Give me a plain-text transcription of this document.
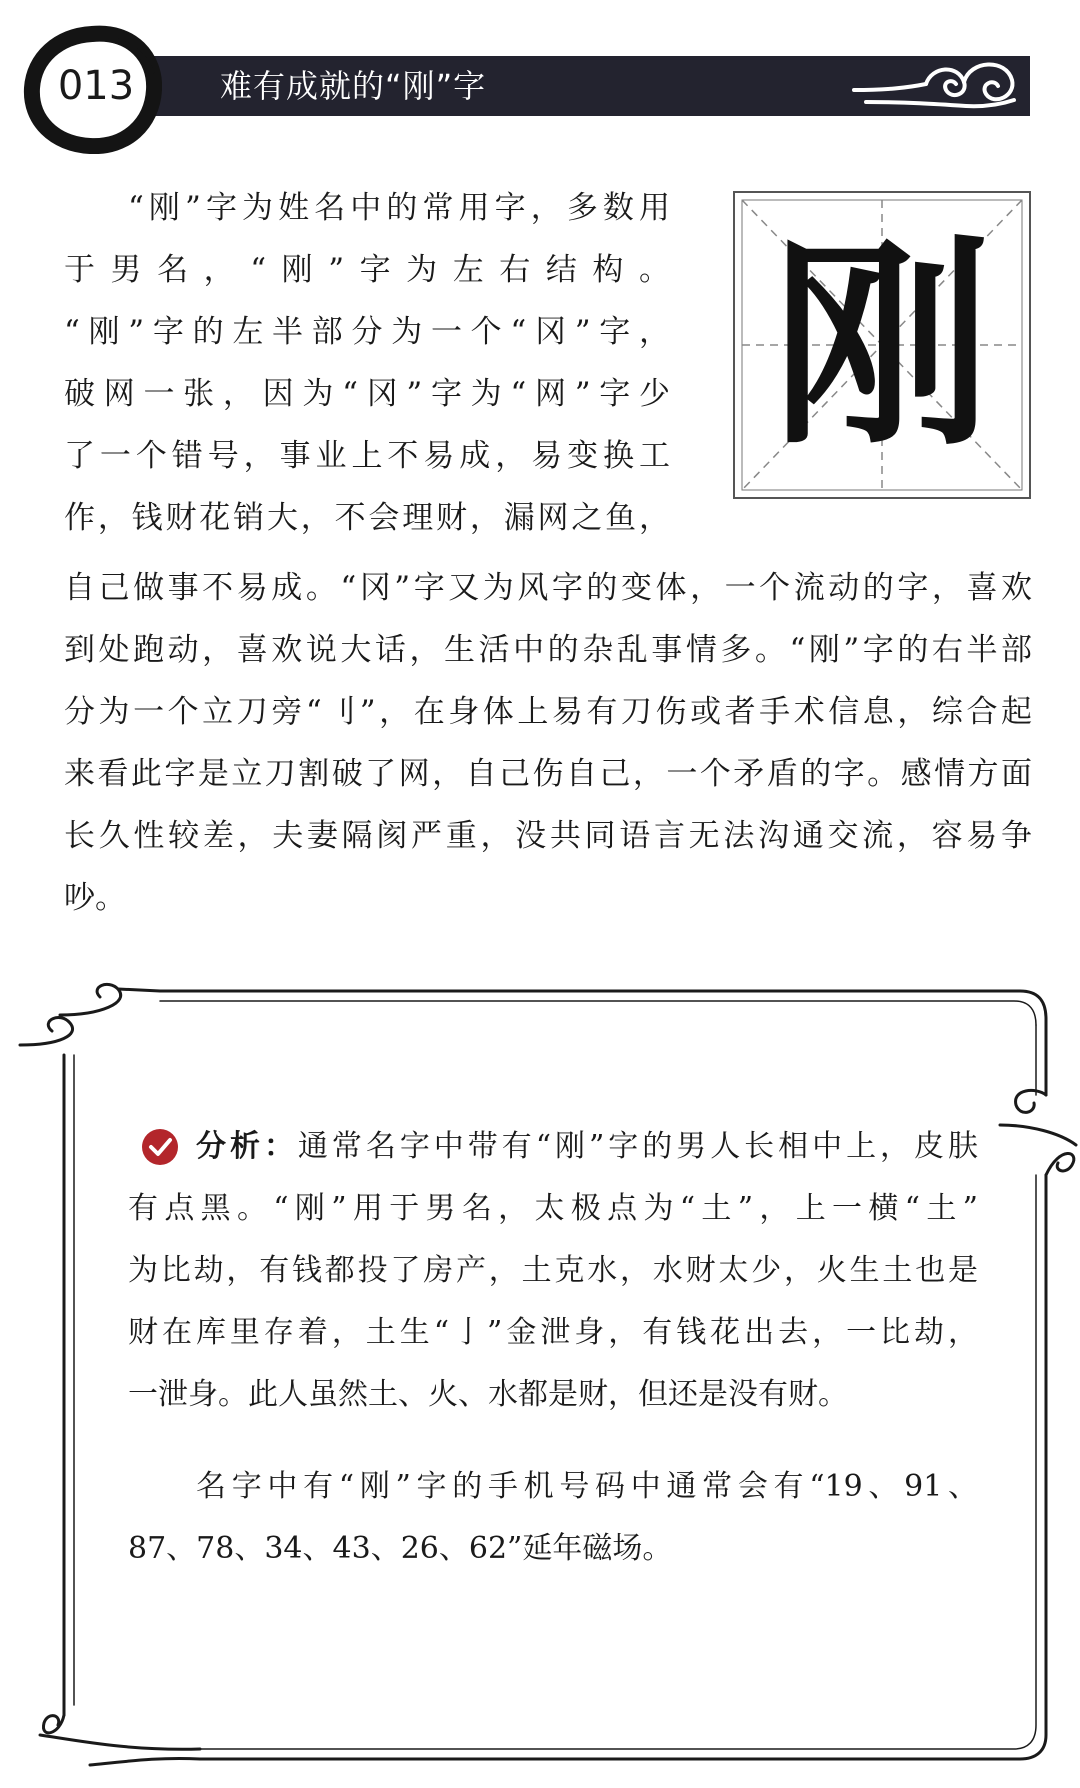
难有成就的“刚”字
013
刚
“刚”字为姓名中的常用字，多数用
于男名，“刚”字为左右结构。
“刚”字的左半部分为一个“冈”字，
破网一张，因为“冈”字为“网”字少
了一个错号，事业上不易成，易变换工
作，钱财花销大，不会理财，漏网之鱼，
自己做事不易成。“冈”字又为风字的变体，一个流动的字，喜欢
到处跑动，喜欢说大话，生活中的杂乱事情多。“刚”字的右半部
分为一个立刀旁“刂”，在身体上易有刀伤或者手术信息，综合起
来看此字是立刀割破了网，自己伤自己，一个矛盾的字。感情方面
长久性较差，夫妻隔阂严重，没共同语言无法沟通交流，容易争
吵。
分析：通常名字中带有“刚”字的男人长相中上，皮肤
有点黑。“刚”用于男名，太极点为“土”，上一横“土”
为比劫，有钱都投了房产，土克水，水财太少，火生土也是
财在库里存着，土生“亅”金泄身，有钱花出去，一比劫，
一泄身。此人虽然土、火、水都是财，但还是没有财。
名字中有“刚”字的手机号码中通常会有“19、91、
87、78、34、43、26、62”延年磁场。
